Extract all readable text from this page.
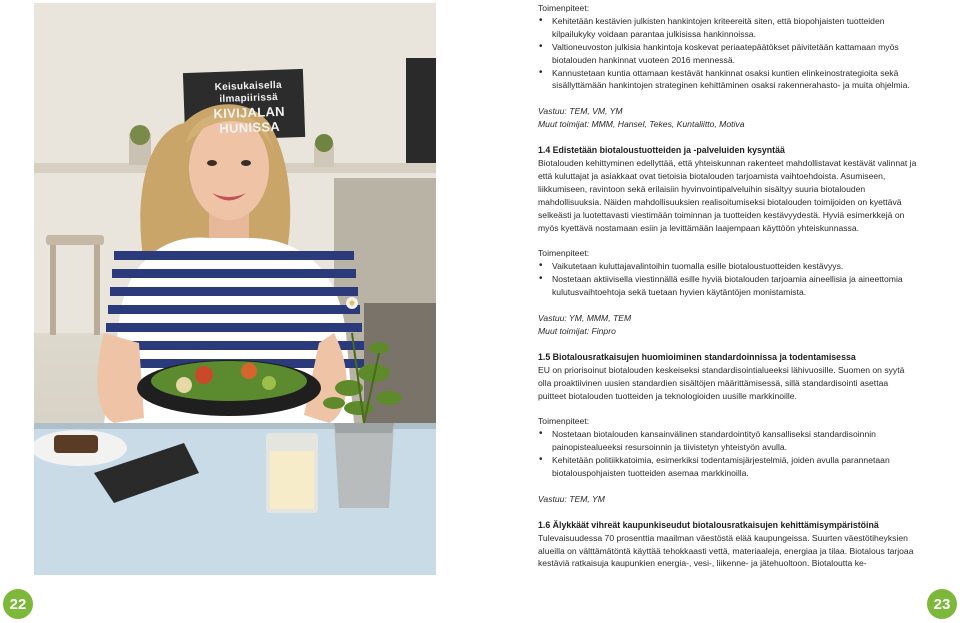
Keisukaisella ilmapiirissä
KIVIJALAN HUNISSA

Toimenpiteet:

• Kehitetään kestävien julkisten hankintojen kriteereitä siten, että biopohjaisten tuotteiden kilpailukyky voidaan parantaa julkisissa hankinnoissa.
• Valtioneuvoston julkisia hankintoja koskevat periaatepäätökset päivitetään kattamaan myös biotalouden hankinnat vuoteen 2016 mennessä.
• Kannustetaan kuntia ottamaan kestävät hankinnat osaksi kuntien elinkeinostrategioita sekä sisällyttämään hankintojen strateginen kehittäminen osaksi rakennerahasto- ja muita ohjelmia.

Vastuu: TEM, VM, YM

Muut toimijat: MMM, Hansel, Tekes, Kuntaliitto, Motiva

1.4 Edistetään biotaloustuotteiden ja -palveluiden kysyntää

Biotalouden kehittyminen edellyttää, että yhteiskunnan rakenteet mahdollistavat kestävät valinnat ja että kuluttajat ja asiakkaat ovat tietoisia biotalouden tarjoamista vaihtoehdoista. Asumiseen, liikkumiseen, ravintoon sekä erilaisiin hyvinvointipalveluihin sisältyy suuria biotalouden mahdollisuuksia. Näiden mahdollisuuksien realisoitumiseksi biotalouden toimijoiden on kyettävä selkeästi ja luotettavasti viestimään toiminnan ja tuotteiden kestävyydestä. Hyviä esimerkkejä on myös kyettävä nostamaan esiin ja levittämään laajempaan käyttöön yhteiskunnassa.

Toimenpiteet:

• Vaikutetaan kuluttajavalintoihin tuomalla esille biotaloustuotteiden kestävyys.
• Nostetaan aktiivisella viestinnällä esille hyviä biotalouden tarjoamia aineellisia ja aineettomia kulutusvaihtoehtoja sekä tuetaan hyvien käytäntöjen monistamista.

Vastuu: YM, MMM, TEM

Muut toimijat: Finpro

1.5 Biotalousratkaisujen huomioiminen standardoinnissa ja todentamisessa

EU on priorisoinut biotalouden keskeiseksi standardisointialueeksi lähivuosille. Suomen on syytä olla proaktiivinen uusien standardien sisältöjen määrittämisessä, sillä standardisointi asettaa puitteet biotalouden tuotteiden ja teknologioiden uusille markkinoille.

Toimenpiteet:

• Nostetaan biotalouden kansainvälinen standardointityö kansalliseksi standardisoinnin painopistealueeksi resursoinnin ja tiivistetyn yhteistyön avulla.
• Kehitetään politiikkatoimia, esimerkiksi todentamisjärjestelmiä, joiden avulla parannetaan biotalouspohjaisten tuotteiden asemaa markkinoilla.

Vastuu: TEM, YM

1.6 Älykkäät vihreät kaupunkiseudut biotalousratkaisujen kehittämisympäristöinä

Tulevaisuudessa 70 prosenttia maailman väestöstä elää kaupungeissa. Suurten väestötiheyksien alueilla on välttämätöntä käyttää tehokkaasti vettä, materiaaleja, energiaa ja tilaa. Biotalous tarjoaa kestäviä ratkaisuja kaupunkien energia-, vesi-, liikenne- ja jätehuoltoon. Biotaloutta ke-

22	23
